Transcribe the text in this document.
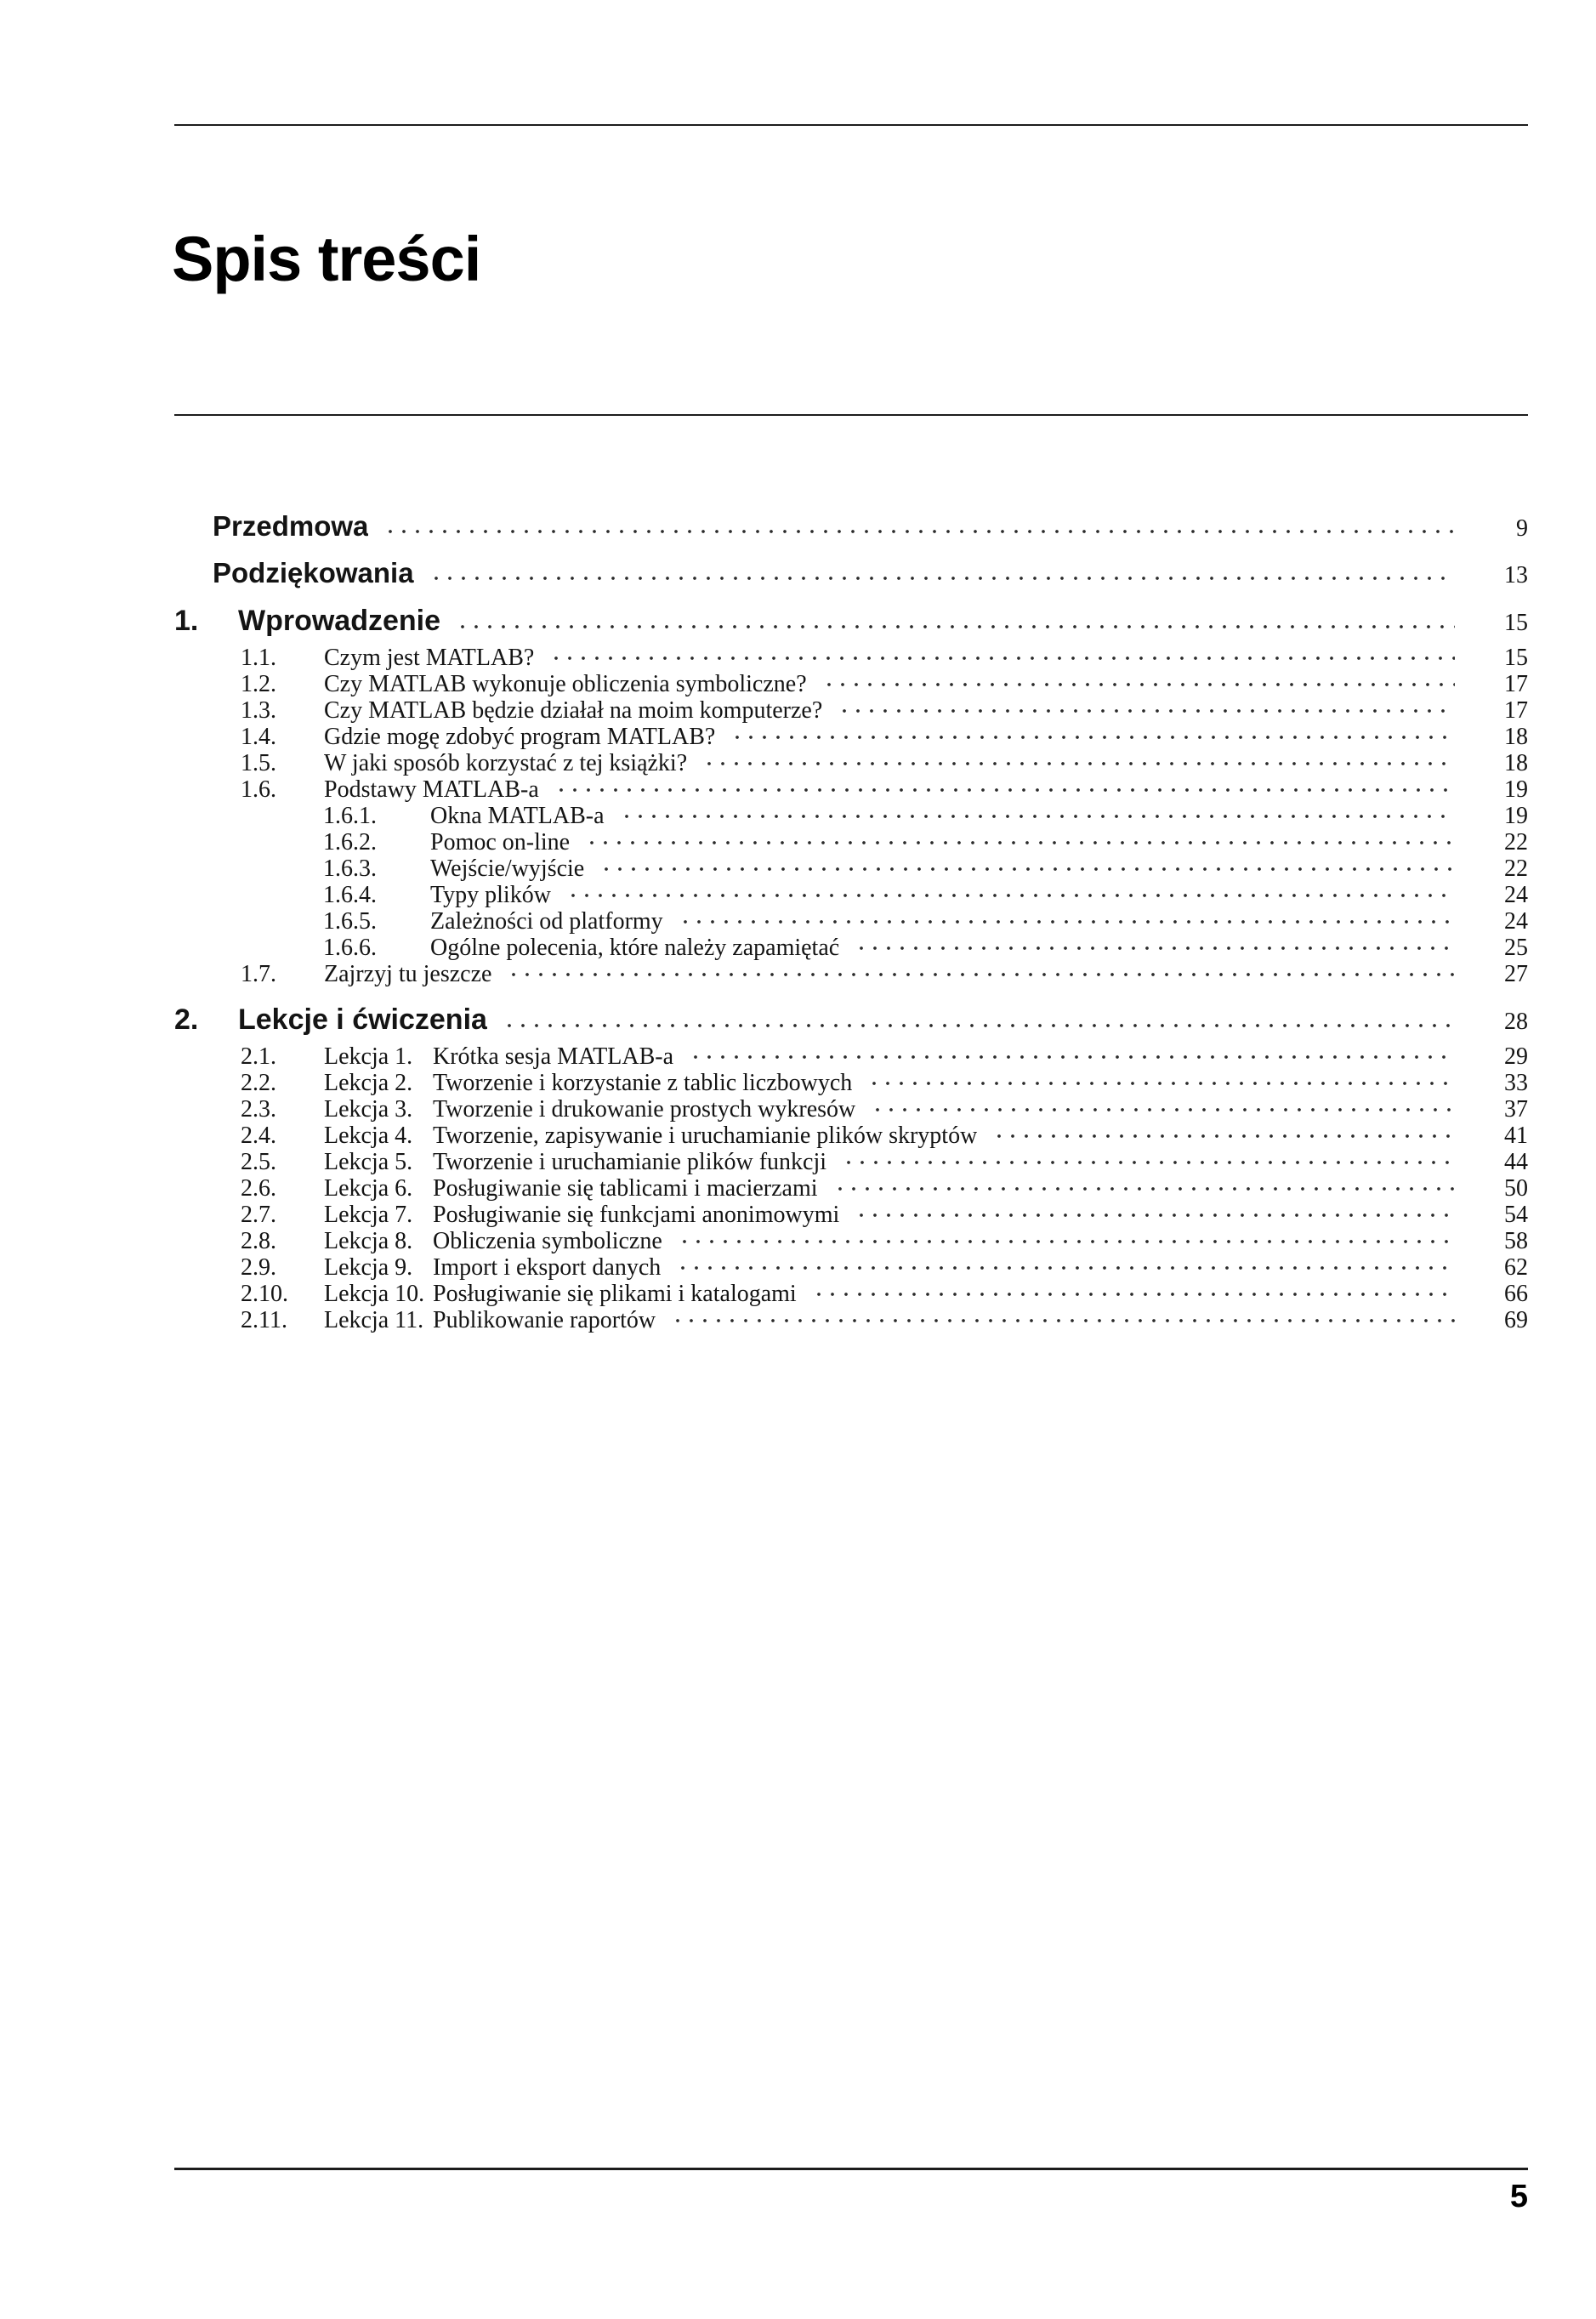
Spis treści
Przedmowa	9
Podziękowania	13
1.	Wprowadzenie	15
1.1.	Czym jest MATLAB?	15
1.2.	Czy MATLAB wykonuje obliczenia symboliczne?	17
1.3.	Czy MATLAB będzie działał na moim komputerze?	17
1.4.	Gdzie mogę zdobyć program MATLAB?	18
1.5.	W jaki sposób korzystać z tej książki?	18
1.6.	Podstawy MATLAB-a	19
1.6.1.	Okna MATLAB-a	19
1.6.2.	Pomoc on-line	22
1.6.3.	Wejście/wyjście	22
1.6.4.	Typy plików	24
1.6.5.	Zależności od platformy	24
1.6.6.	Ogólne polecenia, które należy zapamiętać	25
1.7.	Zajrzyj tu jeszcze	27
2.	Lekcje i ćwiczenia	28
2.1.	Lekcja 1. Krótka sesja MATLAB-a	29
2.2.	Lekcja 2. Tworzenie i korzystanie z tablic liczbowych	33
2.3.	Lekcja 3. Tworzenie i drukowanie prostych wykresów	37
2.4.	Lekcja 4. Tworzenie, zapisywanie i uruchamianie plików skryptów	41
2.5.	Lekcja 5. Tworzenie i uruchamianie plików funkcji	44
2.6.	Lekcja 6. Posługiwanie się tablicami i macierzami	50
2.7.	Lekcja 7. Posługiwanie się funkcjami anonimowymi	54
2.8.	Lekcja 8. Obliczenia symboliczne	58
2.9.	Lekcja 9. Import i eksport danych	62
2.10.	Lekcja 10. Posługiwanie się plikami i katalogami	66
2.11.	Lekcja 11. Publikowanie raportów	69
5
